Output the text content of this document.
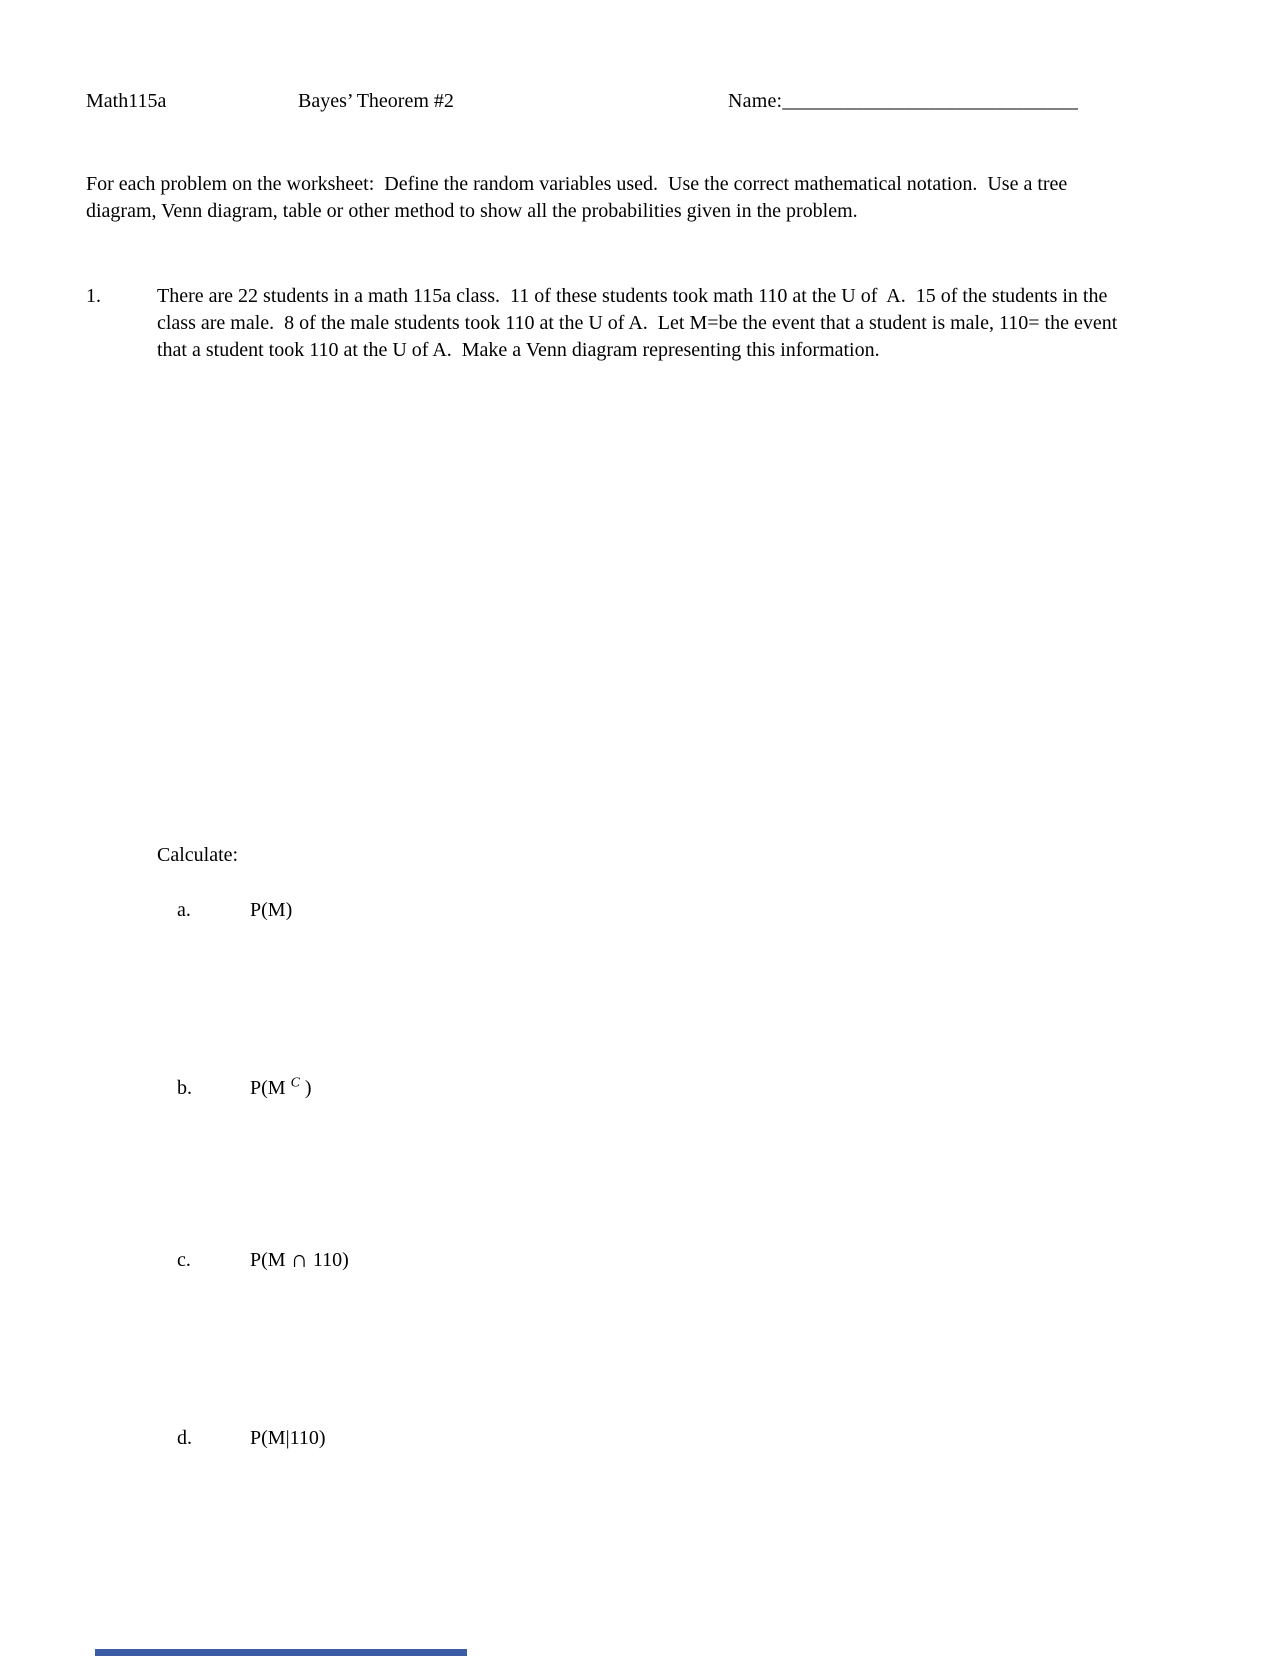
Math115a	Bayes’ Theorem #2	Name:_____________________________
For each problem on the worksheet:  Define the random variables used.  Use the correct mathematical notation.  Use a tree diagram, Venn diagram, table or other method to show all the probabilities given in the problem.
1.	There are 22 students in a math 115a class.  11 of these students took math 110 at the U of  A.  15 of the students in the class are male.  8 of the male students took 110 at the U of A.  Let M=be the event that a student is male, 110= the event that a student took 110 at the U of A.  Make a Venn diagram representing this information.
Calculate:

a.	P(M)

b.	P(M $^C$ )

c.	P(M ∩ 110)

d.	P(M|110)
